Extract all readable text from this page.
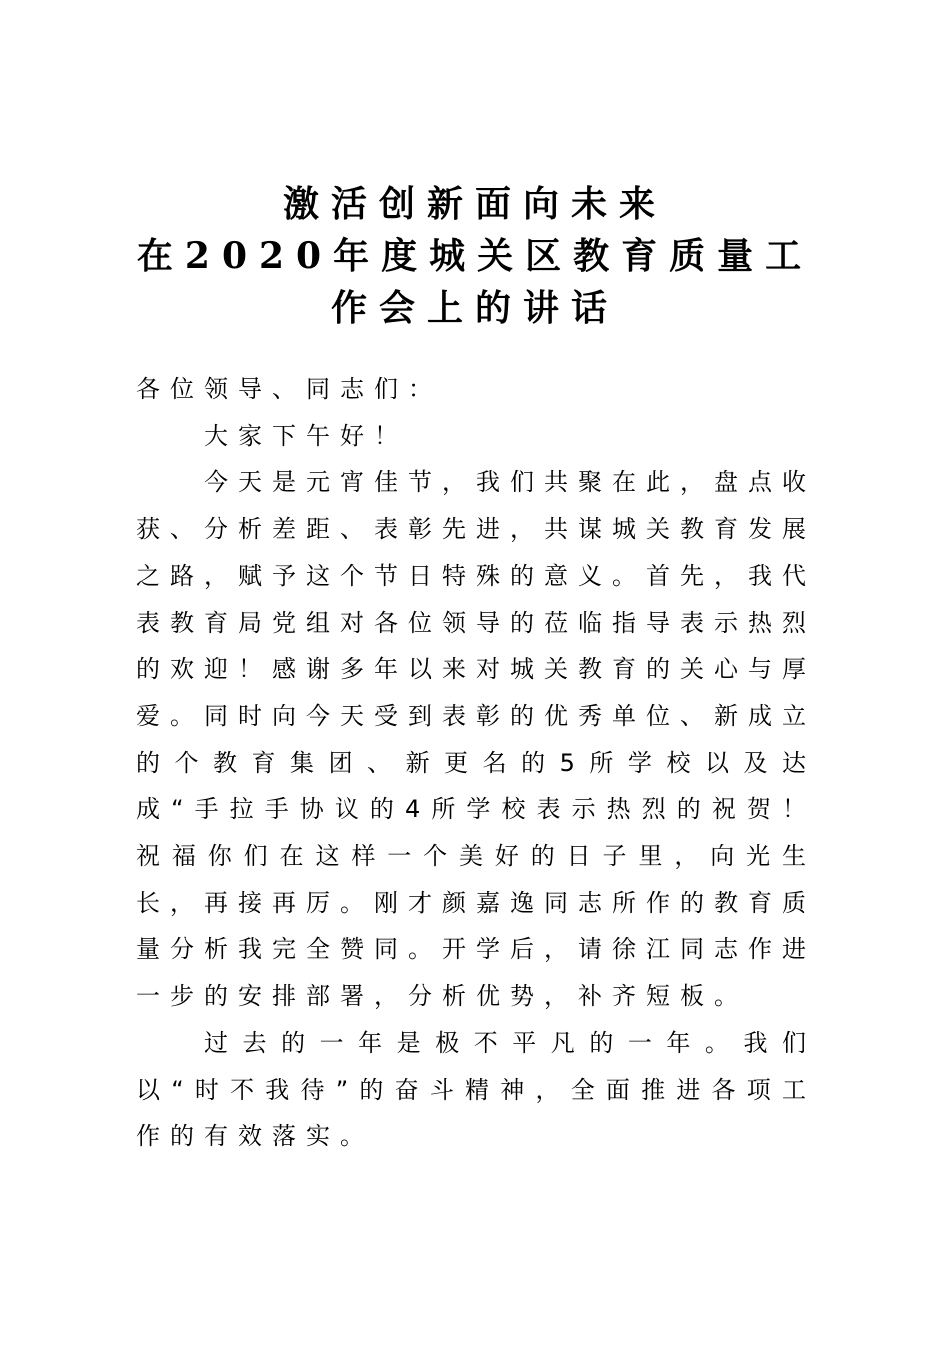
激活创新面向未来

在2020年度城关区教育质量工

作会上的讲话

各位领导、同志们：

大家下午好！

今天是元宵佳节，我们共聚在此，盘点收获、分析差距、表彰先进，共谋城关教育发展之路，赋予这个节日特殊的意义。首先，我代表教育局党组对各位领导的莅临指导表示热烈的欢迎！感谢多年以来对城关教育的关心与厚爱。同时向今天受到表彰的优秀单位、新成立的个教育集团、新更名的5所学校以及达成“手拉手协议的4所学校表示热烈的祝贺！祝福你们在这样一个美好的日子里，向光生长，再接再厉。刚才颜嘉逸同志所作的教育质量分析我完全赞同。开学后，请徐江同志作进一步的安排部署，分析优势，补齐短板。

过去的一年是极不平凡的一年。我们以“时不我待”的奋斗精神，全面推进各项工作的有效落实。
